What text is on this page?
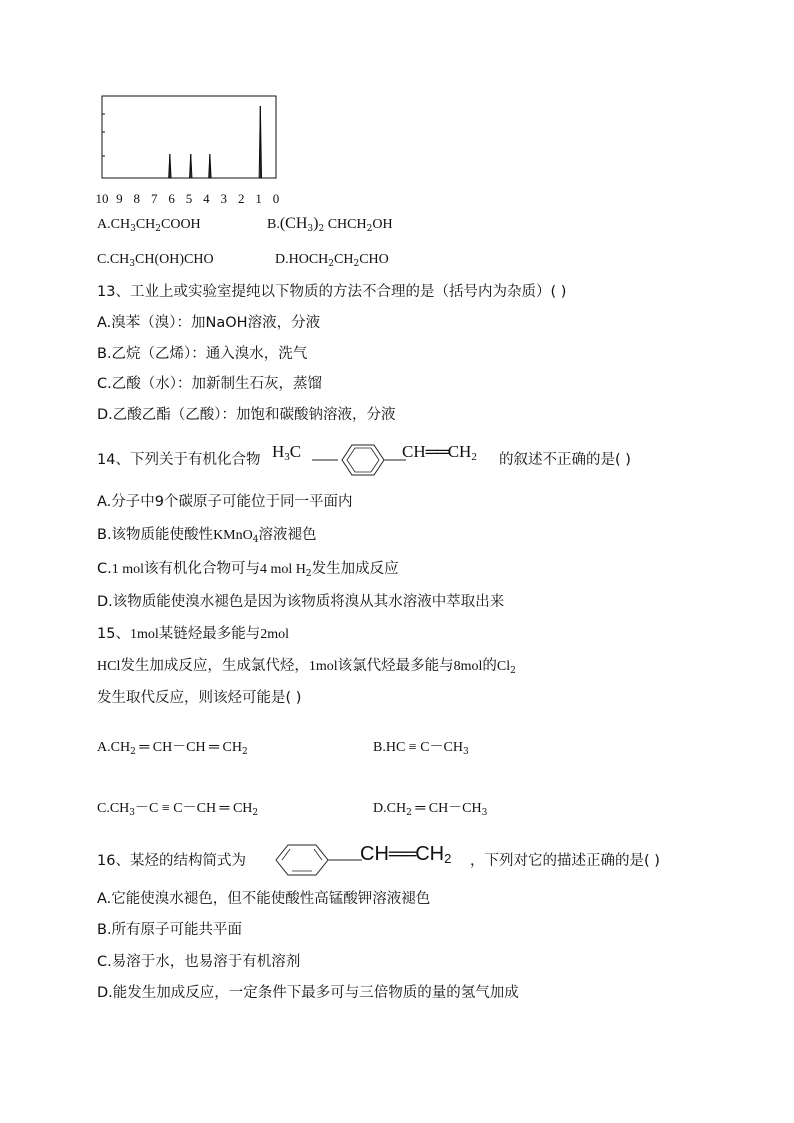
10 9 8 7 6 5 4 3 2 1 0
$A.CH_3CH_2COOH$	$B.(CH_3)_2$ $CHCH_2OH$
$C.CH_3CH(OH)CHO$	$D.HOCH_2CH_2CHO$
13、工业上或实验室提纯以下物质的方法不合理的是（括号内为杂质）( )
A.溴苯（溴）：加NaOH溶液，分液
B.乙烷（乙烯）：通入溴水，洗气
C.乙酸（水）：加新制生石灰，蒸馏
D.乙酸乙酯（乙酸）：加饱和碳酸钠溶液，分液
14、下列关于有机化合物 $H_3C$	$CH══CH_2$ 的叙述不正确的是( )
A.分子中9个碳原子可能位于同一平面内
B.该物质能使酸性KMnO$_4$溶液褪色
C.1 mol该有机化合物可与4 mol $H_2$发生加成反应
D.该物质能使溴水褪色是因为该物质将溴从其水溶液中萃取出来
15、1mol某链烃最多能与2mol
HCl发生加成反应，生成氯代烃，1mol该氯代烃最多能与8mol的$Cl_2$
发生取代反应，则该烃可能是( )
$A.CH_2$ ═ CH－CH ═ $CH_2$	$B.HC \equiv C-CH_3$
$C.CH_3-C \equiv C-CH$ ═ $CH_2$	$D.CH_2$ ═ $CH-CH_3$
16、某烃的结构简式为	$CH══CH_2$ ，下列对它的描述正确的是( )
A.它能使溴水褪色，但不能使酸性高锰酸钾溶液褪色
B.所有原子可能共平面
C.易溶于水，也易溶于有机溶剂
D.能发生加成反应，一定条件下最多可与三倍物质的量的氢气加成
